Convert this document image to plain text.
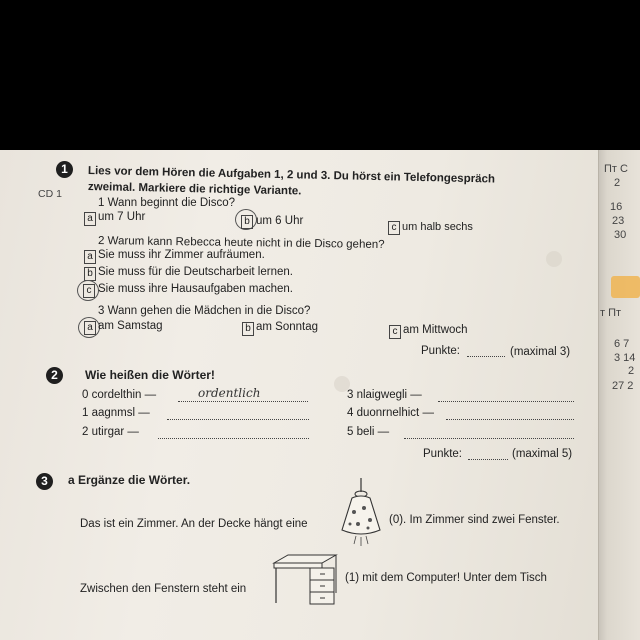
1
CD 1
Lies vor dem Hören die Aufgaben 1, 2 und 3. Du hörst ein Telefongespräch
zweimal. Markiere die richtige Variante.
1 Wann beginnt die Disco?
a um 7 Uhr	b um 6 Uhr
c um halb sechs
2 Warum kann Rebecca heute nicht in die Disco gehen?
a Sie muss ihr Zimmer aufräumen.
b Sie muss für die Deutscharbeit lernen.
c Sie muss ihre Hausaufgaben machen.
3 Wann gehen die Mädchen in die Disco?
a am Samstag	b am Sonntag	c am Mittwoch
Punkte:	(maximal 3)
2	Wie heißen die Wörter!
0 cordelthin —	ordentlich
1 aagnmsl —
2 utirgar —
3 nlaigwegli —
4 duonrnelhict —
5 beli —
Punkte:	(maximal 5)
3	a Ergänze die Wörter.
Das ist ein Zimmer. An der Decke hängt eine	(0). Im Zimmer sind zwei Fenster.
Zwischen den Fenstern steht ein
(1) mit dem Computer! Unter dem Tisch
Пт С
2
16
23
30
т Пт
6 7
3 14
2
27 2
